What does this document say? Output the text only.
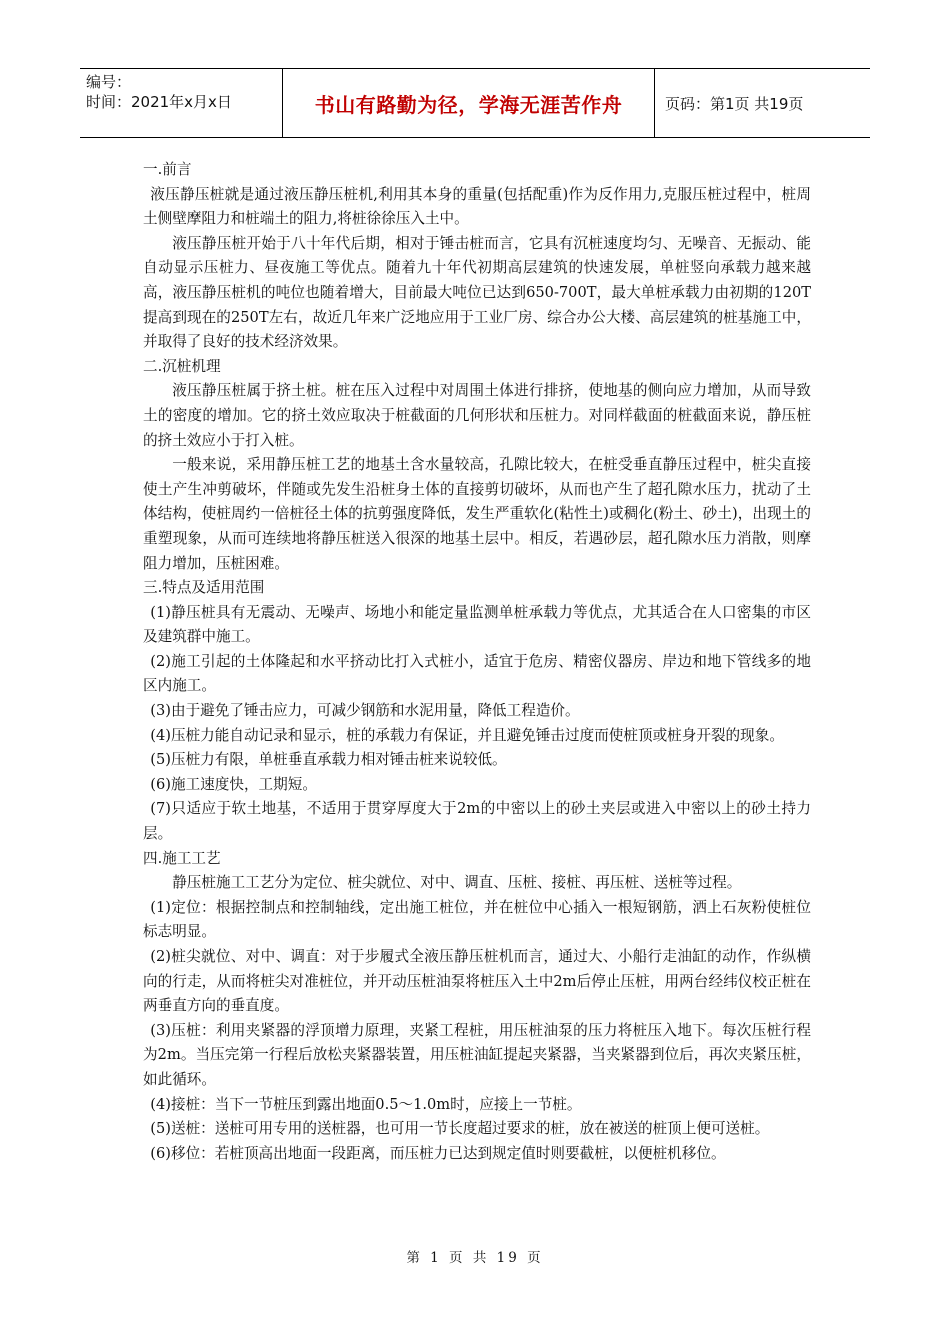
编号：
时间：2021年x月x日	书山有路勤为径，学海无涯苦作舟	页码：第1页 共19页

一.前言

液压静压桩就是通过液压静压桩机,利用其本身的重量(包括配重)作为反作用力,克服压桩过程中，桩周土侧壁摩阻力和桩端土的阻力,将桩徐徐压入土中。

液压静压桩开始于八十年代后期，相对于锤击桩而言，它具有沉桩速度均匀、无噪音、无振动、能自动显示压桩力、昼夜施工等优点。随着九十年代初期高层建筑的快速发展，单桩竖向承载力越来越高，液压静压桩机的吨位也随着增大，目前最大吨位已达到650-700T，最大单桩承载力由初期的120T提高到现在的250T左右，故近几年来广泛地应用于工业厂房、综合办公大楼、高层建筑的桩基施工中，并取得了良好的技术经济效果。

二.沉桩机理

液压静压桩属于挤土桩。桩在压入过程中对周围土体进行排挤，使地基的侧向应力增加，从而导致土的密度的增加。它的挤土效应取决于桩截面的几何形状和压桩力。对同样截面的桩截面来说，静压桩的挤土效应小于打入桩。

一般来说，采用静压桩工艺的地基土含水量较高，孔隙比较大，在桩受垂直静压过程中，桩尖直接使土产生冲剪破坏，伴随或先发生沿桩身土体的直接剪切破坏，从而也产生了超孔隙水压力，扰动了土体结构，使桩周约一倍桩径土体的抗剪强度降低，发生严重软化(粘性土)或稠化(粉土、砂土)，出现土的重塑现象，从而可连续地将静压桩送入很深的地基土层中。相反，若遇砂层，超孔隙水压力消散，则摩阻力增加，压桩困难。

三.特点及适用范围

(1)静压桩具有无震动、无噪声、场地小和能定量监测单桩承载力等优点，尤其适合在人口密集的市区及建筑群中施工。

(2)施工引起的土体隆起和水平挤动比打入式桩小，适宜于危房、精密仪器房、岸边和地下管线多的地区内施工。

(3)由于避免了锤击应力，可减少钢筋和水泥用量，降低工程造价。

(4)压桩力能自动记录和显示，桩的承载力有保证，并且避免锤击过度而使桩顶或桩身开裂的现象。

(5)压桩力有限，单桩垂直承载力相对锤击桩来说较低。

(6)施工速度快，工期短。

(7)只适应于软土地基，不适用于贯穿厚度大于2m的中密以上的砂土夹层或进入中密以上的砂土持力层。

四.施工工艺

静压桩施工工艺分为定位、桩尖就位、对中、调直、压桩、接桩、再压桩、送桩等过程。

(1)定位：根据控制点和控制轴线，定出施工桩位，并在桩位中心插入一根短钢筋，洒上石灰粉使桩位标志明显。

(2)桩尖就位、对中、调直：对于步履式全液压静压桩机而言，通过大、小船行走油缸的动作，作纵横向的行走，从而将桩尖对准桩位，并开动压桩油泵将桩压入土中2m后停止压桩，用两台经纬仪校正桩在两垂直方向的垂直度。

(3)压桩：利用夹紧器的浮顶增力原理，夹紧工程桩，用压桩油泵的压力将桩压入地下。每次压桩行程为2m。当压完第一行程后放松夹紧器装置，用压桩油缸提起夹紧器，当夹紧器到位后，再次夹紧压桩，如此循环。

(4)接桩：当下一节桩压到露出地面0.5～1.0m时，应接上一节桩。

(5)送桩：送桩可用专用的送桩器，也可用一节长度超过要求的桩，放在被送的桩顶上便可送桩。

(6)移位：若桩顶高出地面一段距离，而压桩力已达到规定值时则要截桩，以便桩机移位。

第 1 页 共 19 页
